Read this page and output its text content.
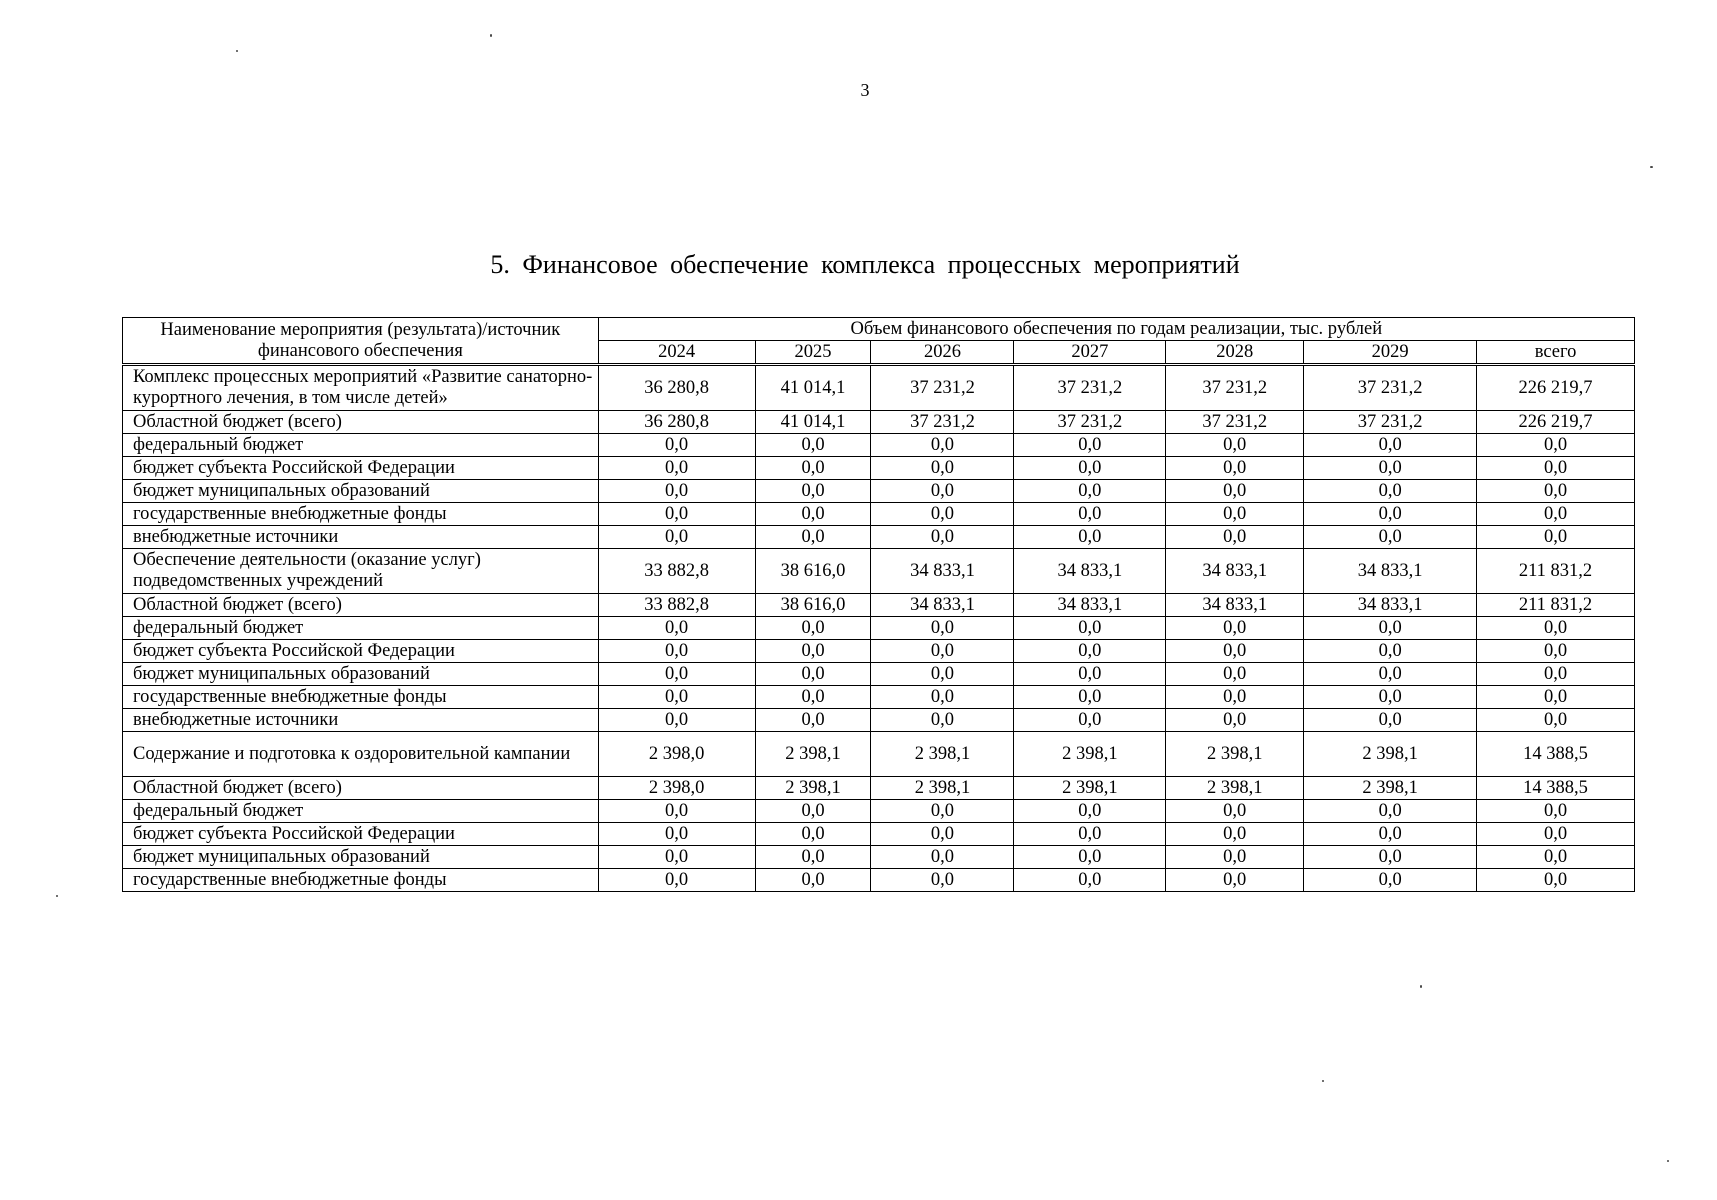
3
5. Финансовое обеспечение комплекса процессных мероприятий
Наименование мероприятия (результата)/источник финансового обеспечения	Объем финансового обеспечения по годам реализации, тыс. рублей						
	2024	2025	2026	2027	2028	2029	всего
Комплекс процессных мероприятий «Развитие санаторно-курортного лечения, в том числе детей»	36 280,8	41 014,1	37 231,2	37 231,2	37 231,2	37 231,2	226 219,7
Областной бюджет (всего)	36 280,8	41 014,1	37 231,2	37 231,2	37 231,2	37 231,2	226 219,7
федеральный бюджет	0,0	0,0	0,0	0,0	0,0	0,0	0,0
бюджет субъекта Российской Федерации	0,0	0,0	0,0	0,0	0,0	0,0	0,0
бюджет муниципальных образований	0,0	0,0	0,0	0,0	0,0	0,0	0,0
государственные внебюджетные фонды	0,0	0,0	0,0	0,0	0,0	0,0	0,0
внебюджетные источники	0,0	0,0	0,0	0,0	0,0	0,0	0,0
Обеспечение деятельности (оказание услуг) подведомственных учреждений	33 882,8	38 616,0	34 833,1	34 833,1	34 833,1	34 833,1	211 831,2
Областной бюджет (всего)	33 882,8	38 616,0	34 833,1	34 833,1	34 833,1	34 833,1	211 831,2
федеральный бюджет	0,0	0,0	0,0	0,0	0,0	0,0	0,0
бюджет субъекта Российской Федерации	0,0	0,0	0,0	0,0	0,0	0,0	0,0
бюджет муниципальных образований	0,0	0,0	0,0	0,0	0,0	0,0	0,0
государственные внебюджетные фонды	0,0	0,0	0,0	0,0	0,0	0,0	0,0
внебюджетные источники	0,0	0,0	0,0	0,0	0,0	0,0	0,0
Содержание и подготовка к оздоровительной кампании	2 398,0	2 398,1	2 398,1	2 398,1	2 398,1	2 398,1	14 388,5
Областной бюджет (всего)	2 398,0	2 398,1	2 398,1	2 398,1	2 398,1	2 398,1	14 388,5
федеральный бюджет	0,0	0,0	0,0	0,0	0,0	0,0	0,0
бюджет субъекта Российской Федерации	0,0	0,0	0,0	0,0	0,0	0,0	0,0
бюджет муниципальных образований	0,0	0,0	0,0	0,0	0,0	0,0	0,0
государственные внебюджетные фонды	0,0	0,0	0,0	0,0	0,0	0,0	0,0
